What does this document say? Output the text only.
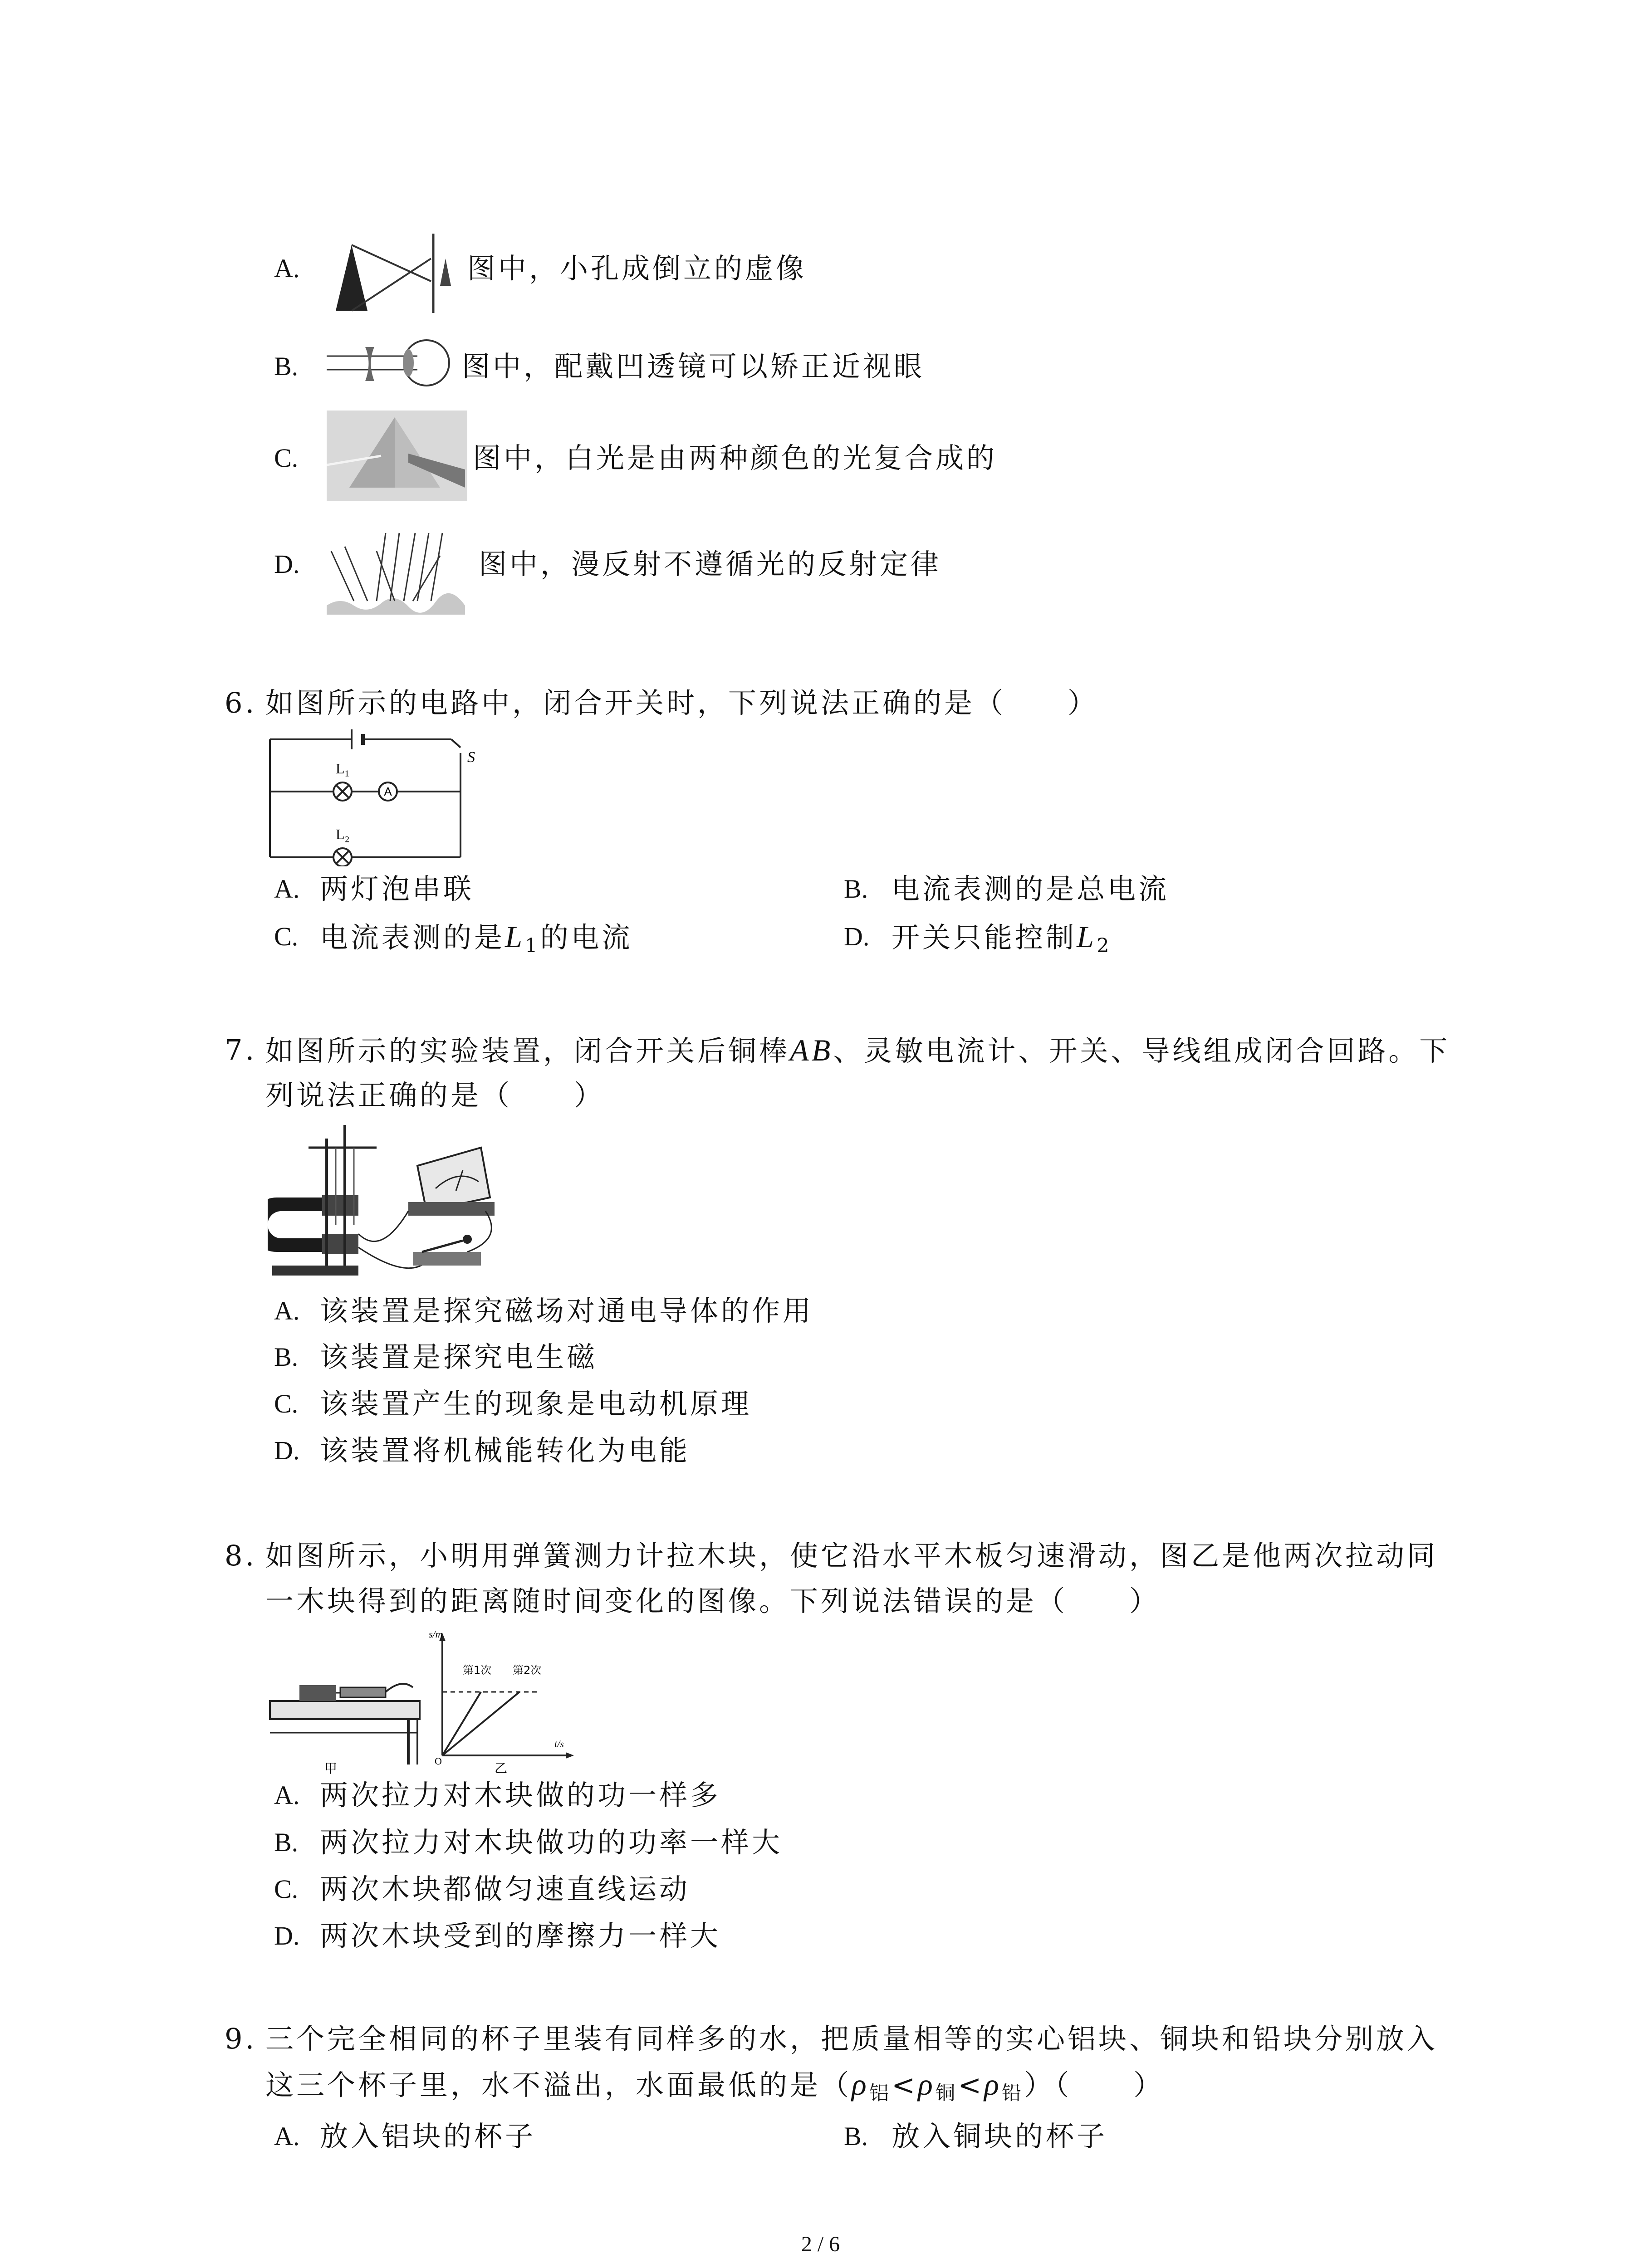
A.	图中，小孔成倒立的虚像
B.	图中，配戴凹透镜可以矫正近视眼
C.	图中，白光是由两种颜色的光复合成的
D.	图中，漫反射不遵循光的反射定律
6. 如图所示的电路中，闭合开关时，下列说法正确的是（　　）
A
L₁
L₂
S
A. 两灯泡串联	B. 电流表测的是总电流
C. 电流表测的是$L_1$的电流	D. 开关只能控制$L_2$
7. 如图所示的实验装置，闭合开关后铜棒AB、灵敏电流计、开关、导线组成闭合回路。下
列说法正确的是（　　）
A. 该装置是探究磁场对通电导体的作用
B. 该装置是探究电生磁
C. 该装置产生的现象是电动机原理
D. 该装置将机械能转化为电能
8. 如图所示，小明用弹簧测力计拉木块，使它沿水平木板匀速滑动，图乙是他两次拉动同
一木块得到的距离随时间变化的图像。下列说法错误的是（　　）
甲
s/m
t/s
O
第1次 第2次
乙
A. 两次拉力对木块做的功一样多
B. 两次拉力对木块做功的功率一样大
C. 两次木块都做匀速直线运动
D. 两次木块受到的摩擦力一样大
9. 三个完全相同的杯子里装有同样多的水，把质量相等的实心铝块、铜块和铅块分别放入
这三个杯子里，水不溢出，水面最低的是$(\rho_铝<\rho_铜<\rho_铅)$（　　）
A. 放入铝块的杯子	B. 放入铜块的杯子
2 / 6
